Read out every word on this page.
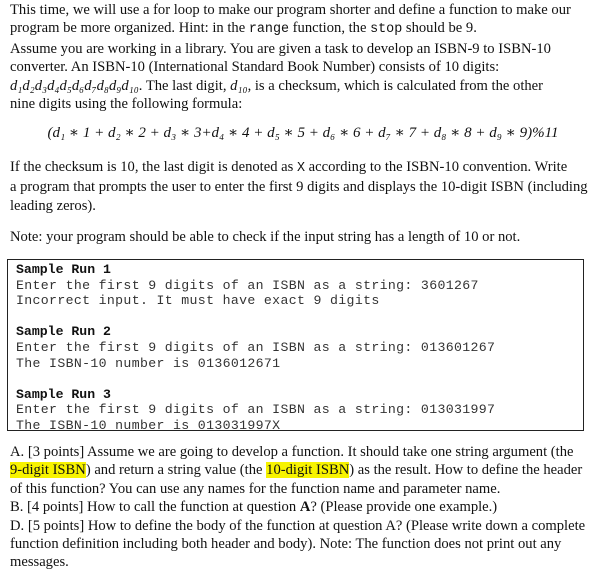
This time, we will use a for loop to make our program shorter and define a function to make our

program be more organized. Hint: in the range function, the stop should be 9.

Assume you are working in a library. You are given a task to develop an ISBN-9 to ISBN-10

converter. An ISBN-10 (International Standard Book Number) consists of 10 digits:

d₁d₂d₃d₄d₅d₆d₇d₈d₉d₁₀. The last digit, d₁₀, is a checksum, which is calculated from the other

nine digits using the following formula:

(d₁ ∗ 1 + d₂ ∗ 2 + d₃ ∗ 3+d₄ ∗ 4 + d₅ ∗ 5 + d₆ ∗ 6 + d₇ ∗ 7 + d₈ ∗ 8 + d₉ ∗ 9)%11

If the checksum is 10, the last digit is denoted as X according to the ISBN-10 convention. Write

a program that prompts the user to enter the first 9 digits and displays the 10-digit ISBN (including

leading zeros).

Note: your program should be able to check if the input string has a length of 10 or not.

Sample Run 1
Enter the first 9 digits of an ISBN as a string: 3601267
Incorrect input. It must have exact 9 digits
Sample Run 2
Enter the first 9 digits of an ISBN as a string: 013601267
The ISBN-10 number is 0136012671
Sample Run 3
Enter the first 9 digits of an ISBN as a string: 013031997
The ISBN-10 number is 013031997X

A. [3 points] Assume we are going to develop a function. It should take one string argument (the

9-digit ISBN) and return a string value (the 10-digit ISBN) as the result. How to define the header

of this function? You can use any names for the function name and parameter name.

B. [4 points] How to call the function at question A? (Please provide one example.)

D. [5 points] How to define the body of the function at question A? (Please write down a complete

function definition including both header and body). Note: The function does not print out any

messages.
